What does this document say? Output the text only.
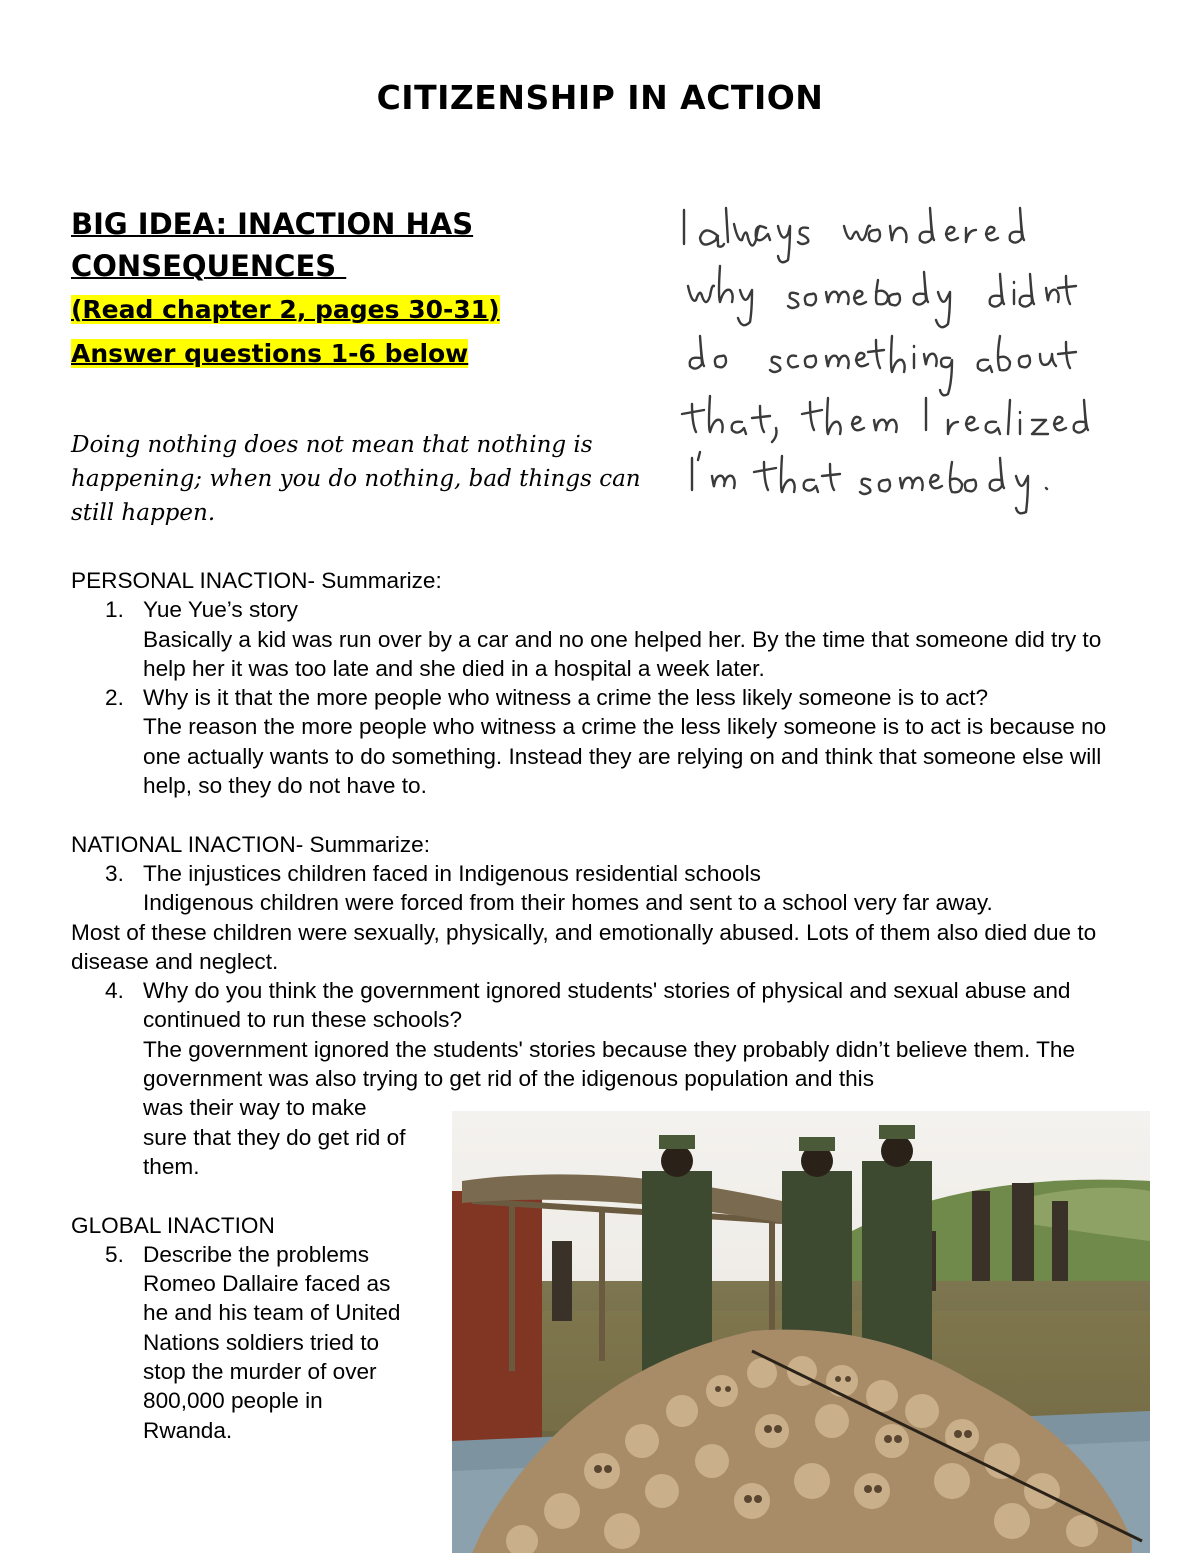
CITIZENSHIP IN ACTION
BIG IDEA: INACTION HAS
CONSEQUENCES
(Read chapter 2, pages 30-31)
Answer questions 1-6 below
Doing nothing does not mean that nothing is happening; when you do nothing, bad things can still happen.
PERSONAL INACTION- Summarize:
1. Yue Yue’s story
Basically a kid was run over by a car and no one helped her. By the time that someone did try to help her it was too late and she died in a hospital a week later.
2. Why is it that the more people who witness a crime the less likely someone is to act?
The reason the more people who witness a crime the less likely someone is to act is because no one actually wants to do something. Instead they are relying on and think that someone else will help, so they do not have to.
NATIONAL INACTION- Summarize:
3. The injustices children faced in Indigenous residential schools
Indigenous children were forced from their homes and sent to a school very far away.
Most of these children were sexually, physically, and emotionally abused. Lots of them also died due to disease and neglect.
4. Why do you think the government ignored students' stories of physical and sexual abuse and continued to run these schools?
The government ignored the students' stories because they probably didn’t believe them. The government was also trying to get rid of the idigenous population and this
was their way to make sure that they do get rid of them.
GLOBAL INACTION
5. Describe the problems Romeo Dallaire faced as he and his team of United Nations soldiers tried to stop the murder of over 800,000 people in Rwanda.
